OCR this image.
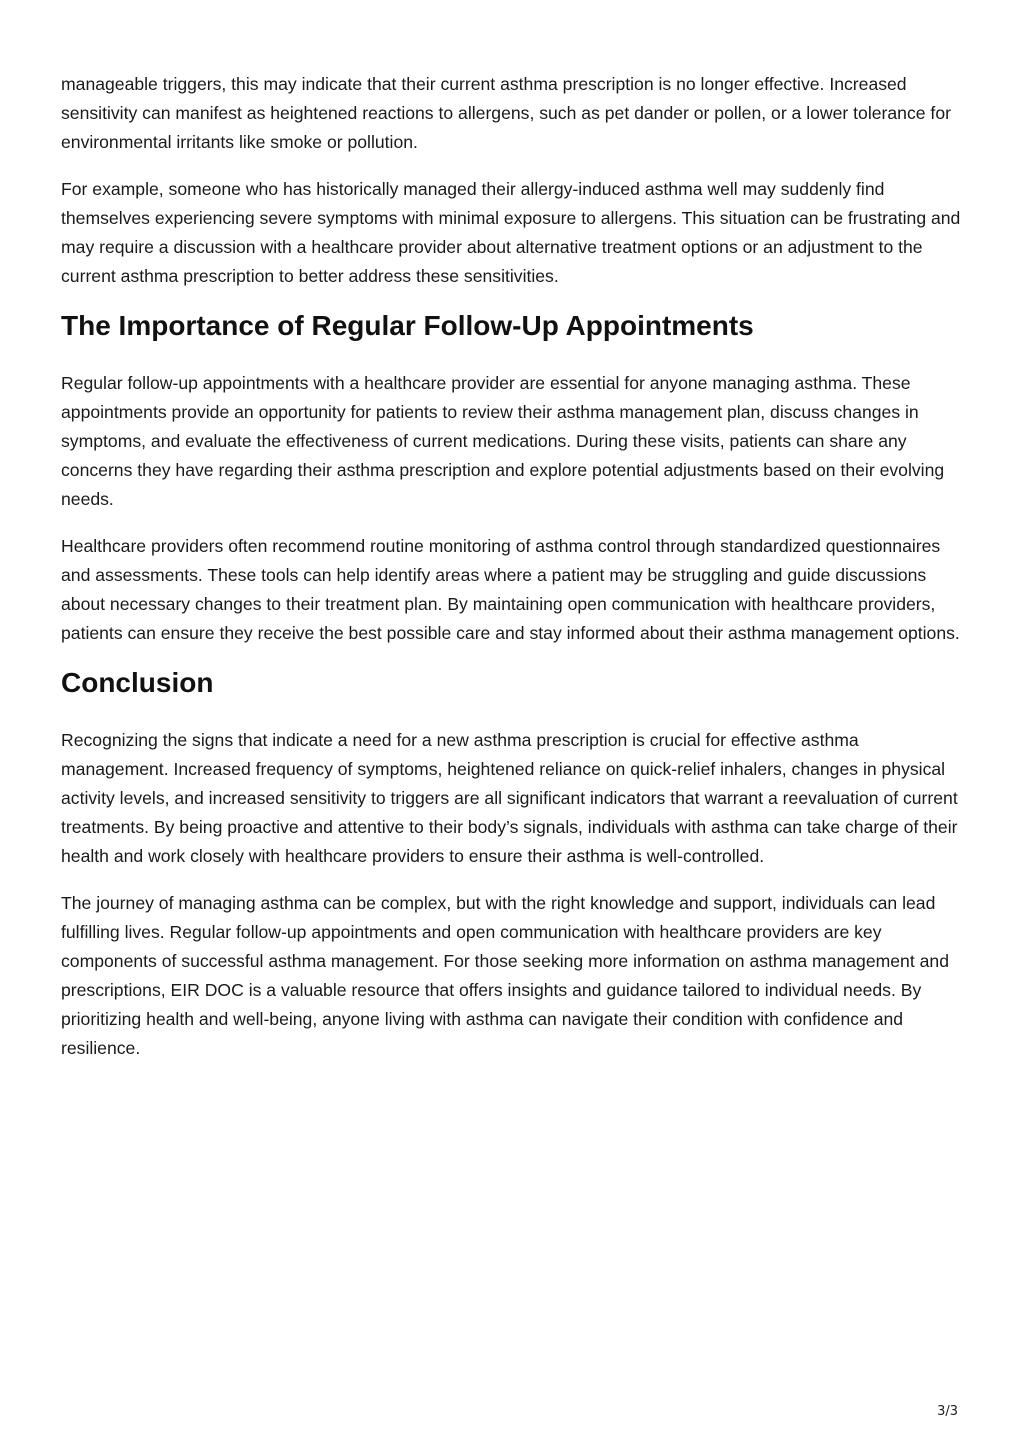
manageable triggers, this may indicate that their current asthma prescription is no longer effective. Increased sensitivity can manifest as heightened reactions to allergens, such as pet dander or pollen, or a lower tolerance for environmental irritants like smoke or pollution.

For example, someone who has historically managed their allergy-induced asthma well may suddenly find themselves experiencing severe symptoms with minimal exposure to allergens. This situation can be frustrating and may require a discussion with a healthcare provider about alternative treatment options or an adjustment to the current asthma prescription to better address these sensitivities.

The Importance of Regular Follow-Up Appointments

Regular follow-up appointments with a healthcare provider are essential for anyone managing asthma. These appointments provide an opportunity for patients to review their asthma management plan, discuss changes in symptoms, and evaluate the effectiveness of current medications. During these visits, patients can share any concerns they have regarding their asthma prescription and explore potential adjustments based on their evolving needs.

Healthcare providers often recommend routine monitoring of asthma control through standardized questionnaires and assessments. These tools can help identify areas where a patient may be struggling and guide discussions about necessary changes to their treatment plan. By maintaining open communication with healthcare providers, patients can ensure they receive the best possible care and stay informed about their asthma management options.

Conclusion

Recognizing the signs that indicate a need for a new asthma prescription is crucial for effective asthma management. Increased frequency of symptoms, heightened reliance on quick-relief inhalers, changes in physical activity levels, and increased sensitivity to triggers are all significant indicators that warrant a reevaluation of current treatments. By being proactive and attentive to their body’s signals, individuals with asthma can take charge of their health and work closely with healthcare providers to ensure their asthma is well-controlled.

The journey of managing asthma can be complex, but with the right knowledge and support, individuals can lead fulfilling lives. Regular follow-up appointments and open communication with healthcare providers are key components of successful asthma management. For those seeking more information on asthma management and prescriptions, EIR DOC is a valuable resource that offers insights and guidance tailored to individual needs. By prioritizing health and well-being, anyone living with asthma can navigate their condition with confidence and resilience.

3/3
